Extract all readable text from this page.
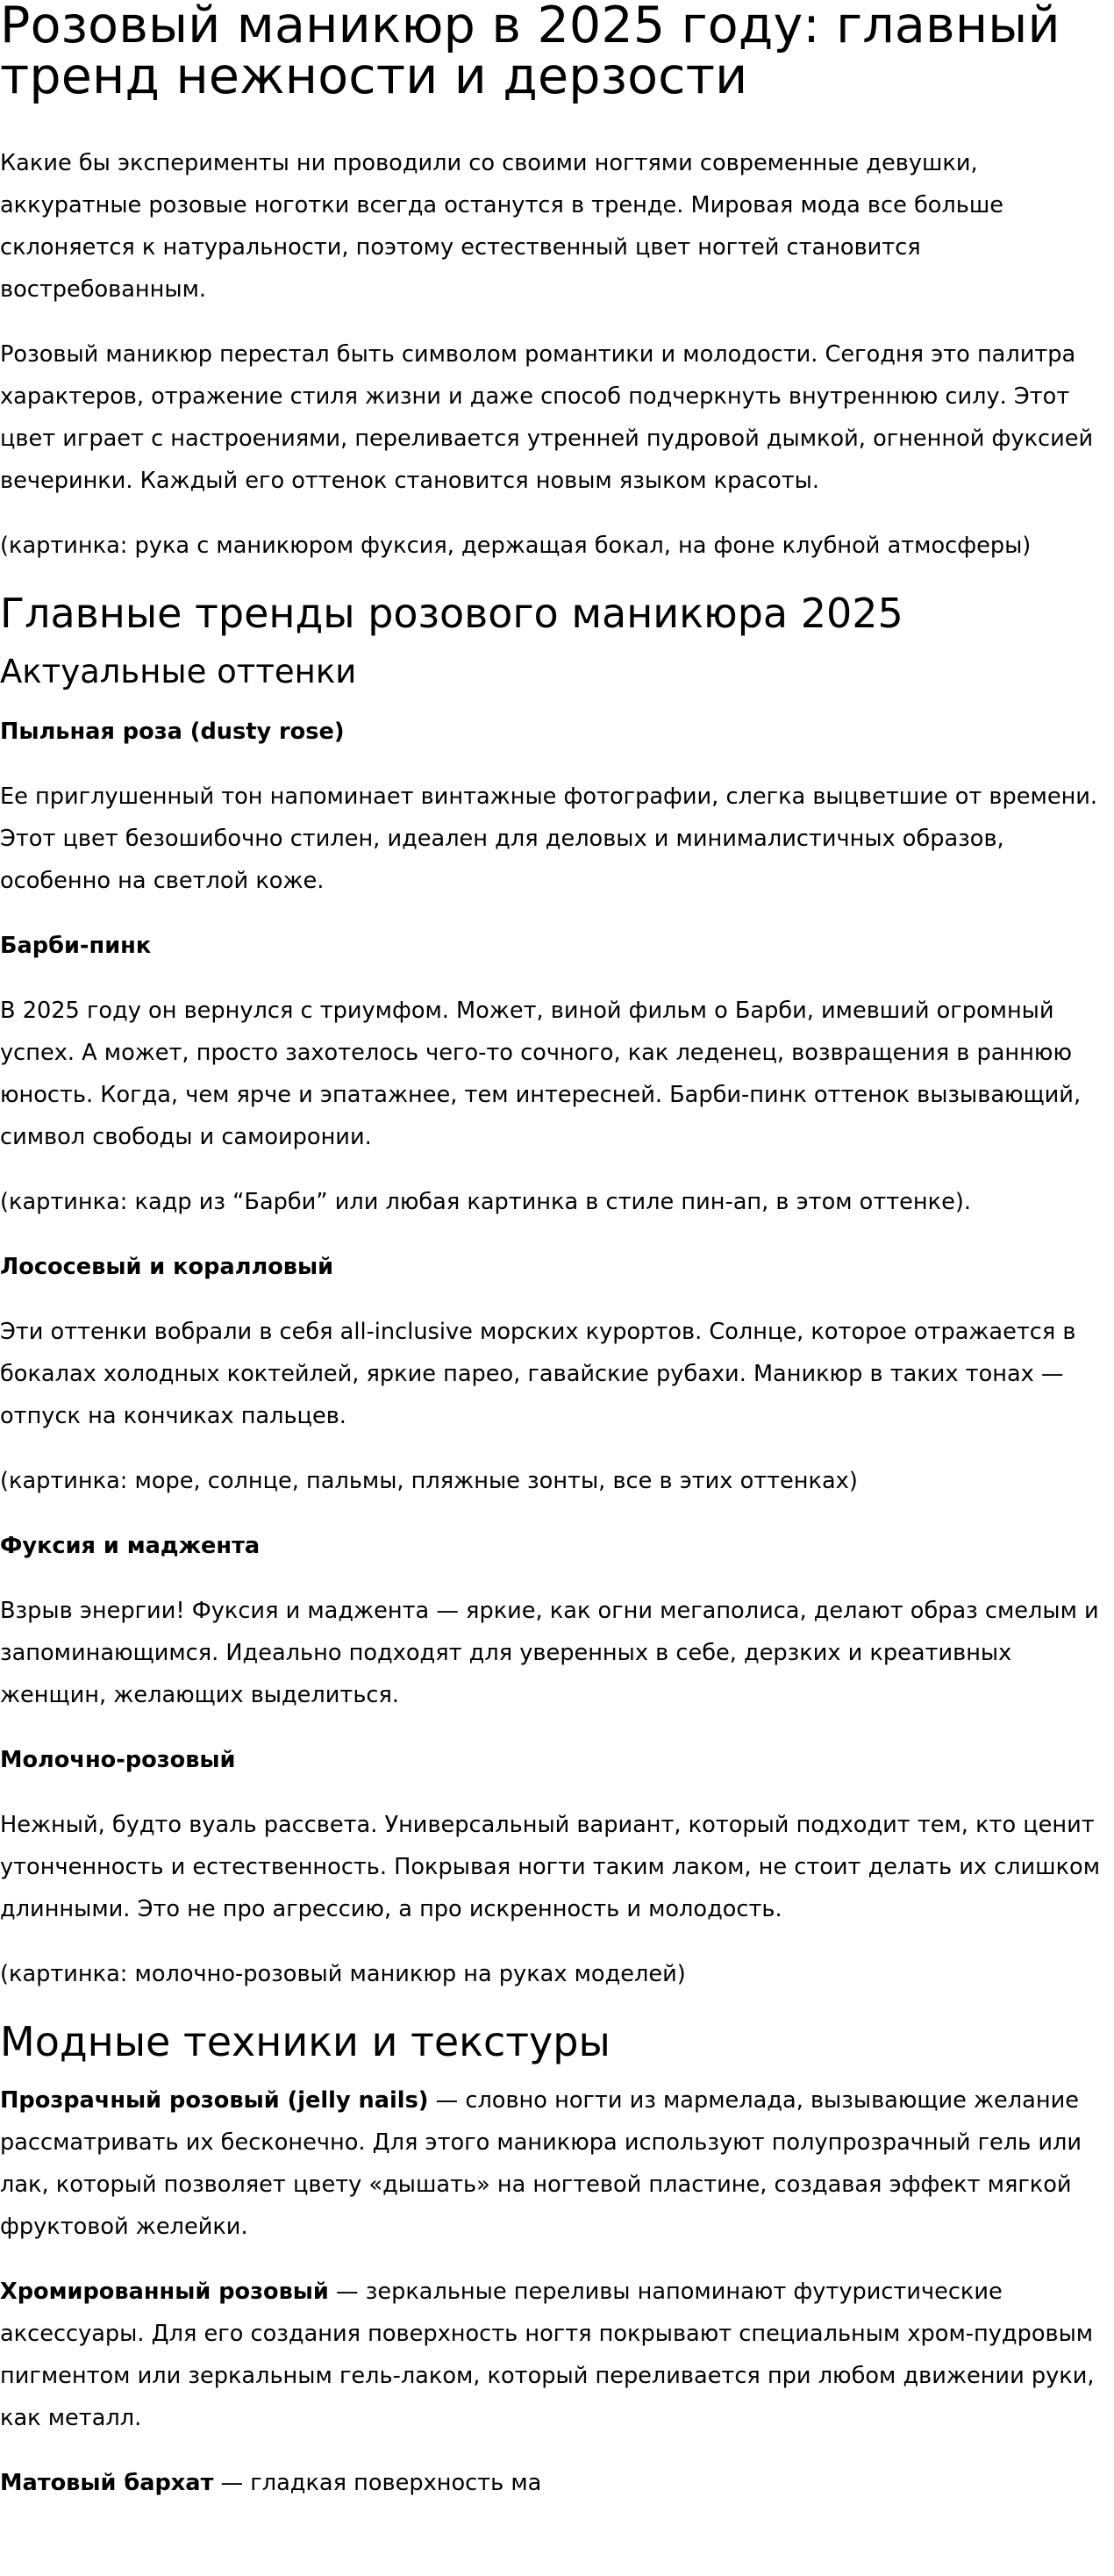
Розовый маникюр в 2025 году: главный тренд нежности и дерзости

Какие бы эксперименты ни проводили со своими ногтями современные девушки, аккуратные розовые ноготки всегда останутся в тренде. Мировая мода все больше склоняется к натуральности, поэтому естественный цвет ногтей становится востребованным.

Розовый маникюр перестал быть символом романтики и молодости. Сегодня это палитра характеров, отражение стиля жизни и даже способ подчеркнуть внутреннюю силу. Этот цвет играет с настроениями, переливается утренней пудровой дымкой, огненной фуксией вечеринки. Каждый его оттенок становится новым языком красоты.

(картинка: рука с маникюром фуксия, держащая бокал, на фоне клубной атмосферы)

Главные тренды розового маникюра 2025
Актуальные оттенки

Пыльная роза (dusty rose)

Ее приглушенный тон напоминает винтажные фотографии, слегка выцветшие от времени. Этот цвет безошибочно стилен, идеален для деловых и минималистичных образов, особенно на светлой коже.

Барби-пинк

В 2025 году он вернулся с триумфом. Может, виной фильм о Барби, имевший огромный успех. А может, просто захотелось чего-то сочного, как леденец, возвращения в раннюю юность. Когда, чем ярче и эпатажнее, тем интересней. Барби-пинк оттенок вызывающий, символ свободы и самоиронии.

(картинка: кадр из “Барби” или любая картинка в стиле пин-ап, в этом оттенке).

Лососевый и коралловый

Эти оттенки вобрали в себя all-inclusive морских курортов. Солнце, которое отражается в бокалах холодных коктейлей, яркие парео, гавайские рубахи. Маникюр в таких тонах — отпуск на кончиках пальцев.

(картинка: море, солнце, пальмы, пляжные зонты, все в этих оттенках)

Фуксия и маджента

Взрыв энергии! Фуксия и маджента — яркие, как огни мегаполиса, делают образ смелым и запоминающимся. Идеально подходят для уверенных в себе, дерзких и креативных женщин, желающих выделиться.

Молочно-розовый

Нежный, будто вуаль рассвета. Универсальный вариант, который подходит тем, кто ценит утонченность и естественность. Покрывая ногти таким лаком, не стоит делать их слишком длинными. Это не про агрессию, а про искренность и молодость.

(картинка: молочно-розовый маникюр на руках моделей)

Модные техники и текстуры

Прозрачный розовый (jelly nails) — словно ногти из мармелада, вызывающие желание рассматривать их бесконечно. Для этого маникюра используют полупрозрачный гель или лак, который позволяет цвету «дышать» на ногтевой пластине, создавая эффект мягкой фруктовой желейки.

Хромированный розовый — зеркальные переливы напоминают футуристические аксессуары. Для его создания поверхность ногтя покрывают специальным хром-пудровым пигментом или зеркальным гель-лаком, который переливается при любом движении руки, как металл.

Матовый бархат — гладкая поверхность ма
